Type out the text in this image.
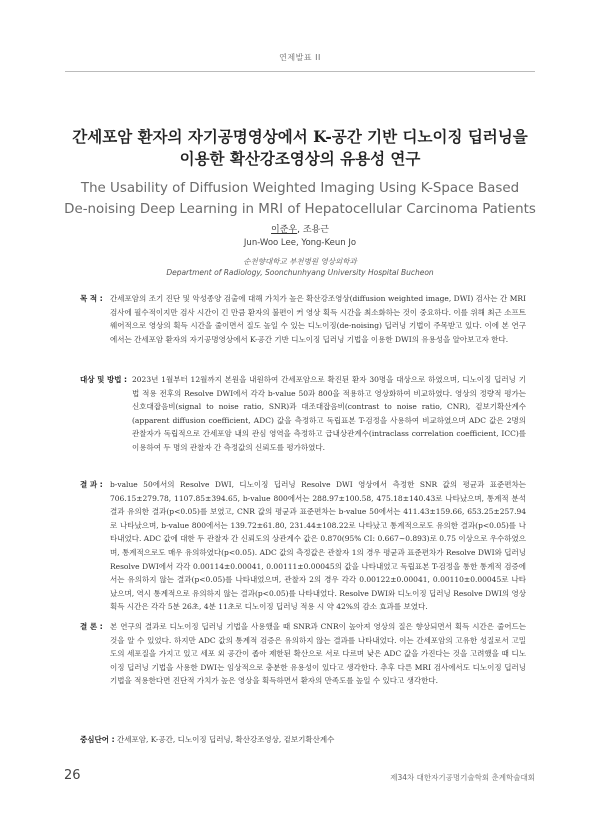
연제발표 II
간세포암 환자의 자기공명영상에서 K-공간 기반 디노이징 딥러닝을
이용한 확산강조영상의 유용성 연구
The Usability of Diffusion Weighted Imaging Using K-Space Based
De-noising Deep Learning in MRI of Hepatocellular Carcinoma Patients
이준우, 조용근
Jun-Woo Lee, Yong-Keun Jo
순천향대학교 부천병원 영상의학과
Department of Radiology, Soonchunhyang University Hospital Bucheon
목 적 : 간세포암의 조기 진단 및 악성종양 검출에 대해 가치가 높은 확산강조영상(diffusion weighted image, DWI) 검사는 간 MRI 검사에 필수적이지만 검사 시간이 긴 만큼 환자의 불편이 커 영상 획득 시간을 최소화하는 것이 중요하다. 이를 위해 최근 소프트웨어적으로 영상의 획득 시간을 줄이면서 질도 높일 수 있는 디노이징(de-noising) 딥러닝 기법이 주목받고 있다. 이에 본 연구에서는 간세포암 환자의 자기공명영상에서 K-공간 기반 디노이징 딥러닝 기법을 이용한 DWI의 유용성을 알아보고자 한다.
대상 및 방법 : 2023년 1월부터 12월까지 본원을 내원하여 간세포암으로 확진된 환자 30명을 대상으로 하였으며, 디노이징 딥러닝 기법 적용 전후의 Resolve DWI에서 각각 b-value 50과 800을 적용하고 영상화하여 비교하였다. 영상의 정량적 평가는 신호대잡음비(signal to noise ratio, SNR)과 대조대잡음비(contrast to noise ratio, CNR), 겉보기확산계수(apparent diffusion coefficient, ADC) 값을 측정하고 독립표본 T-검정을 사용하여 비교하였으며 ADC 값은 2명의 관찰자가 독립적으로 간세포암 내의 관심 영역을 측정하고 급내상관계수(intraclass correlation coefficient, ICC)를 이용하여 두 명의 관찰자 간 측정값의 신뢰도를 평가하였다.
결 과 : b-value 50에서의 Resolve DWI, 디노이징 딥러닝 Resolve DWI 영상에서 측정한 SNR 값의 평균과 표준편차는 706.15±279.78, 1107.85±394.65, b-value 800에서는 288.97±100.58, 475.18±140.43로 나타났으며, 통계적 분석 결과 유의한 결과(p<0.05)를 보였고, CNR 값의 평균과 표준편차는 b-value 50에서는 411.43±159.66, 653.25±257.94로 나타났으며, b-value 800에서는 139.72±61.80, 231.44±108.22로 나타났고 통계적으로도 유의한 결과(p<0.05)를 나타내었다. ADC 값에 대한 두 관찰자 간 신뢰도의 상관계수 값은 0.870(95% CI: 0.667~0.893)로 0.75 이상으로 우수하였으며, 통계적으로도 매우 유의하였다(p<0.05). ADC 값의 측정값은 관찰자 1의 경우 평균과 표준편차가 Resolve DWI와 딥러닝 Resolve DWI에서 각각 0.00114±0.00041, 0.00111±0.00045의 값을 나타내었고 독립표본 T-검정을 통한 통계적 검증에서는 유의하지 않는 결과(p<0.05)를 나타내었으며, 관찰자 2의 경우 각각 0.00122±0.00041, 0.00110±0.00045로 나타났으며, 역시 통계적으로 유의하지 않는 결과(p<0.05)를 나타내었다. Resolve DWI와 디노이징 딥러닝 Resolve DWI의 영상 획득 시간은 각각 5분 26초, 4분 11초로 디노이징 딥러닝 적용 시 약 42%의 감소 효과를 보였다.
결 론 : 본 연구의 결과로 디노이징 딥러닝 기법을 사용했을 때 SNR과 CNR이 높아져 영상의 질은 향상되면서 획득 시간은 줄어드는 것을 알 수 있었다. 하지만 ADC 값의 통계적 검증은 유의하지 않는 결과를 나타내었다. 이는 간세포암의 고유한 성질로서 고밀도의 세포질을 가지고 있고 세포 외 공간이 좁아 제한된 확산으로 서로 다르며 낮은 ADC 값을 가진다는 것을 고려했을 때 디노이징 딥러닝 기법을 사용한 DWI는 임상적으로 충분한 유용성이 있다고 생각한다. 추후 다른 MRI 검사에서도 디노이징 딥러닝 기법을 적용한다면 진단적 가치가 높은 영상을 획득하면서 환자의 만족도를 높일 수 있다고 생각한다.
중심단어 : 간세포암, K-공간, 디노이징 딥러닝, 확산강조영상, 겉보기확산계수
26	제34차 대한자기공명기술학회 춘계학술대회
